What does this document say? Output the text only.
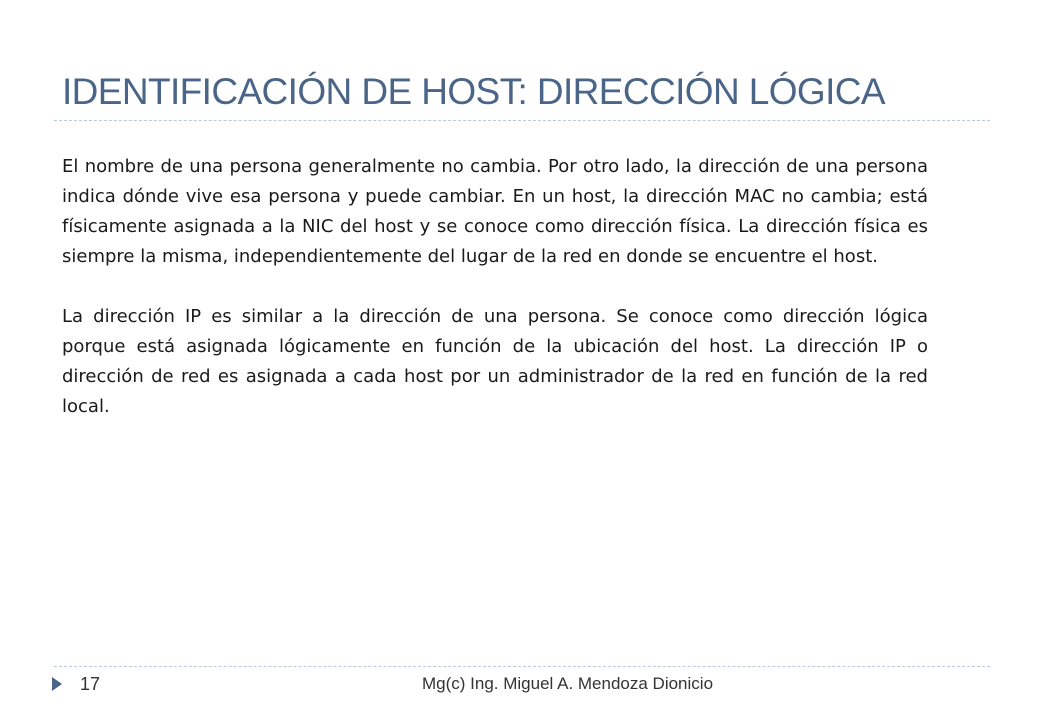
IDENTIFICACIÓN DE HOST: DIRECCIÓN LÓGICA

El nombre de una persona generalmente no cambia. Por otro lado, la dirección de una persona indica dónde vive esa persona y puede cambiar. En un host, la dirección MAC no cambia; está físicamente asignada a la NIC del host y se conoce como dirección física. La dirección física es siempre la misma, independientemente del lugar de la red en donde se encuentre el host.

La dirección IP es similar a la dirección de una persona. Se conoce como dirección lógica porque está asignada lógicamente en función de la ubicación del host. La dirección IP o dirección de red es asignada a cada host por un administrador de la red en función de la red local.

17	Mg(c) Ing. Miguel A. Mendoza Dionicio
